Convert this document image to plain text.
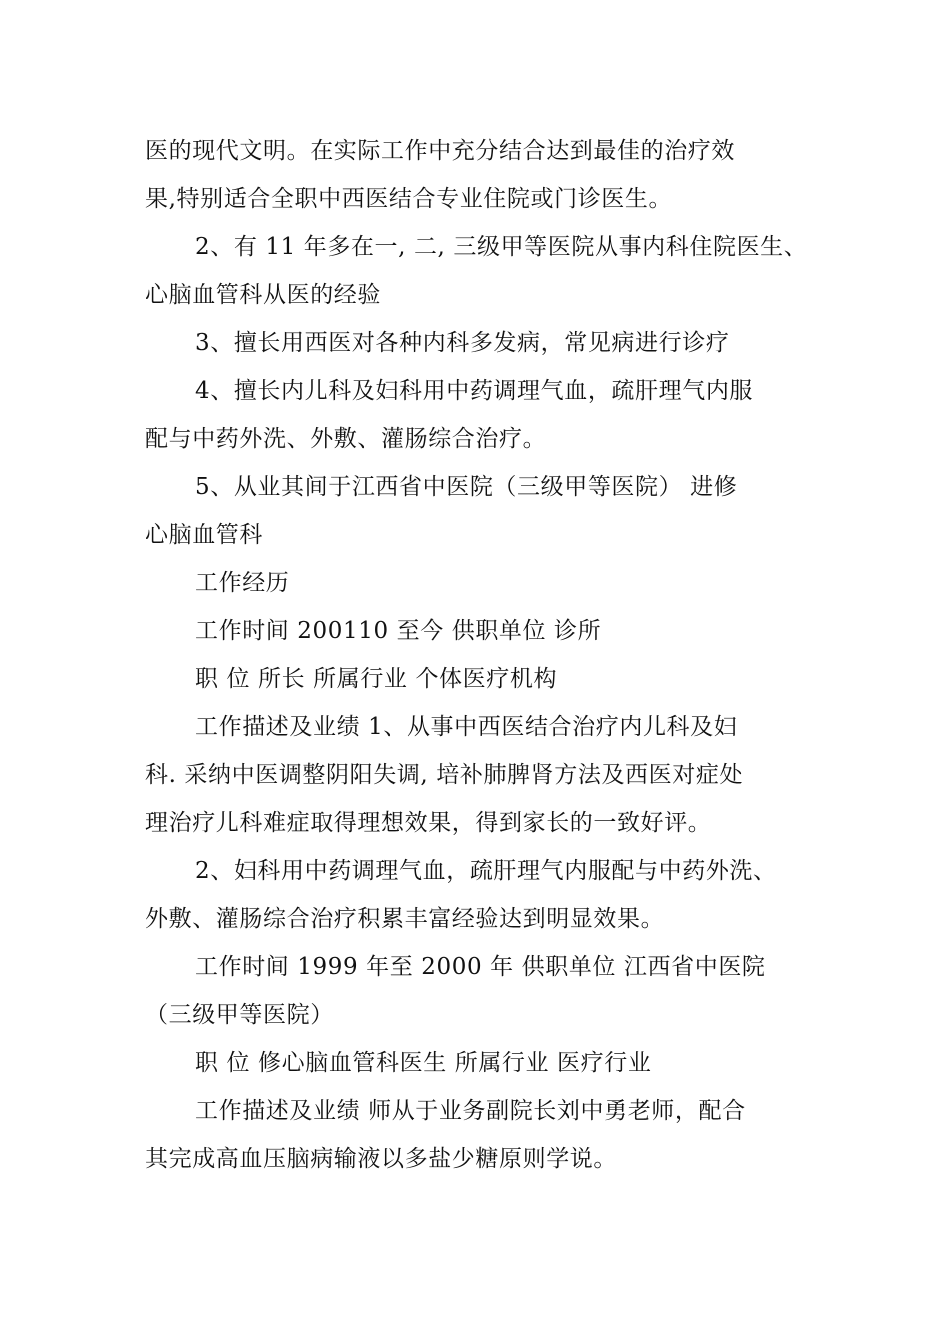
医的现代文明。在实际工作中充分结合达到最佳的治疗效
果,特别适合全职中西医结合专业住院或门诊医生。
2、有 11 年多在一, 二, 三级甲等医院从事内科住院医生、
心脑血管科从医的经验
3、擅长用西医对各种内科多发病，常见病进行诊疗
4、擅长内儿科及妇科用中药调理气血，疏肝理气内服
配与中药外洗、外敷、灌肠综合治疗。
5、从业其间于江西省中医院（三级甲等医院） 进修
心脑血管科
工作经历
工作时间 200110 至今 供职单位 诊所
职 位 所长 所属行业 个体医疗机构
工作描述及业绩 1、从事中西医结合治疗内儿科及妇
科. 采纳中医调整阴阳失调, 培补肺脾肾方法及西医对症处
理治疗儿科难症取得理想效果，得到家长的一致好评。
2、妇科用中药调理气血，疏肝理气内服配与中药外洗、
外敷、灌肠综合治疗积累丰富经验达到明显效果。
工作时间 1999 年至 2000 年 供职单位 江西省中医院
（三级甲等医院）
职 位 修心脑血管科医生 所属行业 医疗行业
工作描述及业绩 师从于业务副院长刘中勇老师，配合
其完成高血压脑病输液以多盐少糖原则学说。
